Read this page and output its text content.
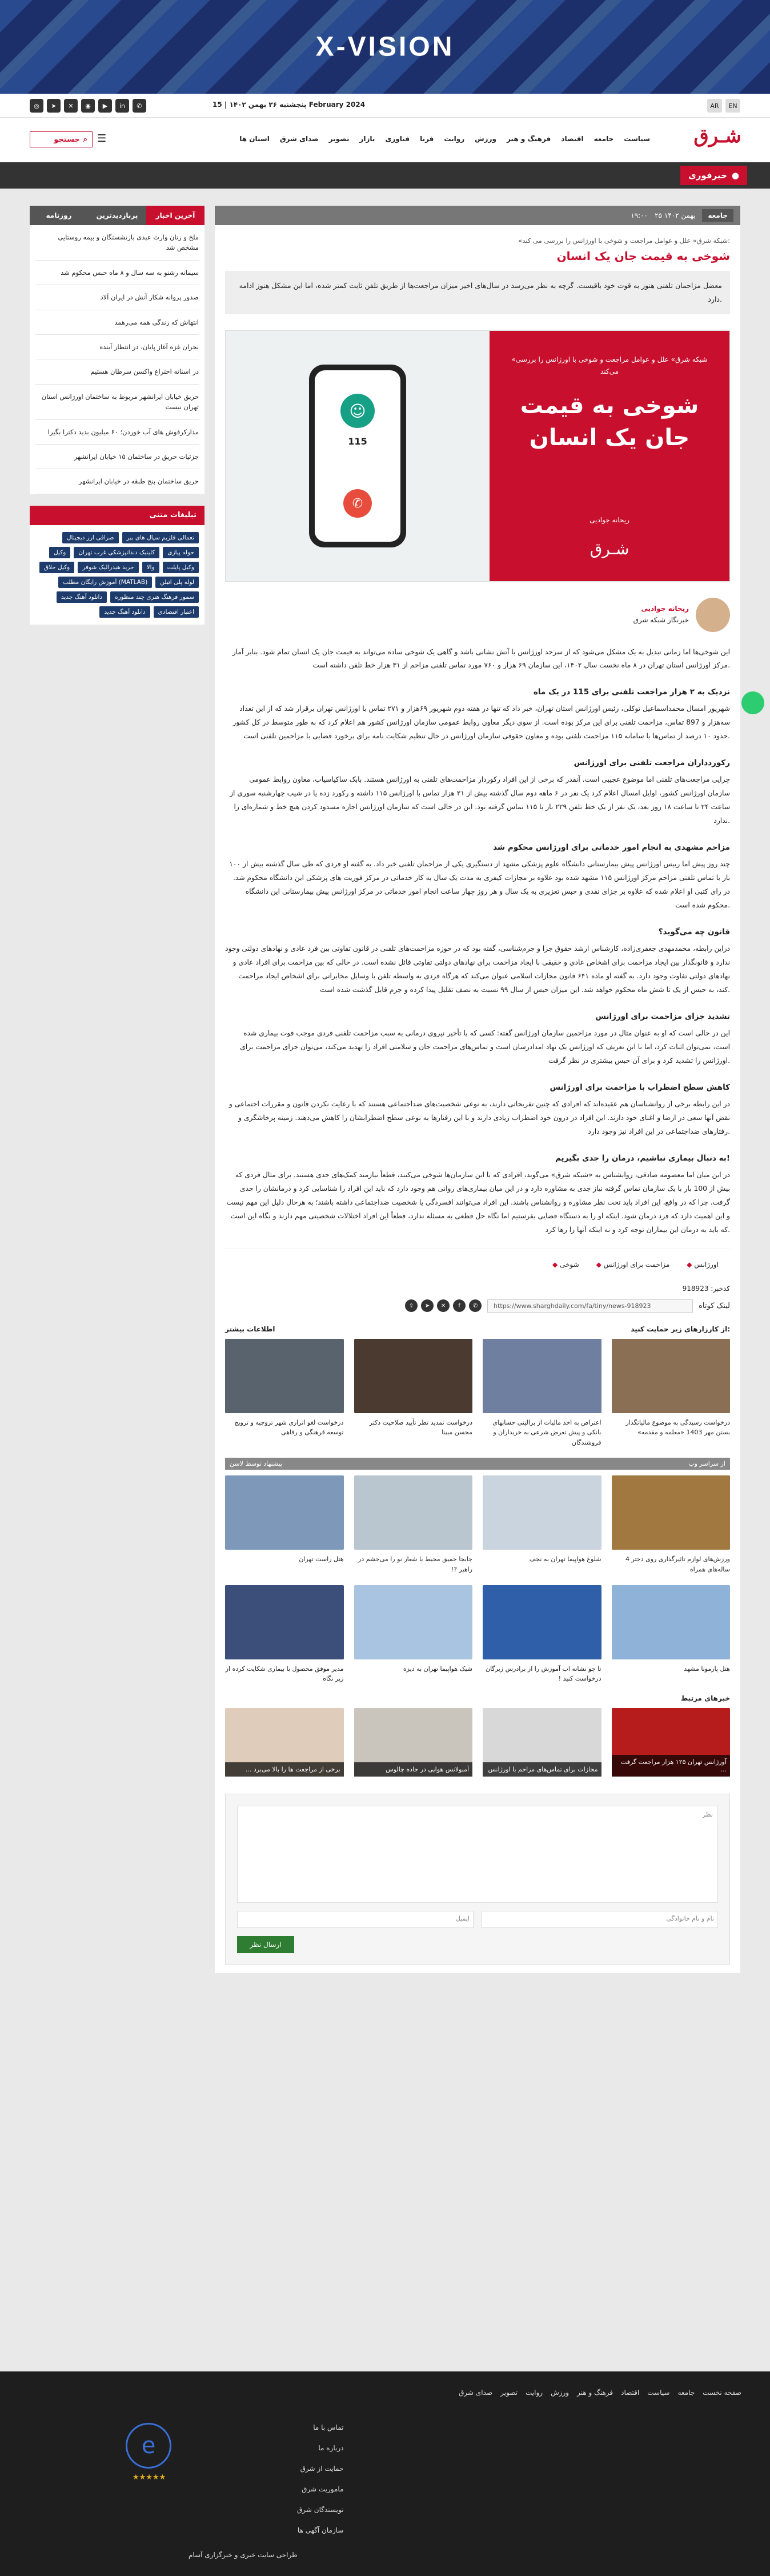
X-VISION
◎	➤	✕	◉	▶	in	✆	پنجشنبه ۲۶ بهمن ۱۴۰۲ | 15 February 2024	AR	EN
شـرق
سیاست
جامعه
اقتصاد
فرهنگ و هنر
ورزش
روایت
فرنا
فناوری
بازار
تصویر
صدای شرق
استان ها
☰
جستجو ⌕
خبرفوری ●
آخرین اخبار
پربازدیدترین
روزنامه

ملخ و زنان وارث عبدی بازنشستگان و بیمه روستایی مشخص شد

سیمانه رشنو به سه سال و ۸ ماه حبس محکوم شد

صدور پروانه شکار آنش در ایران آلاد

انتهاش که زندگی همه می‌رهمد

بحران غزه آغاز پایان، در انتظار آینده

در اسنانه احتراع واکسن سرطان هستیم

حریق خیابان ایرانشهر مربوط به ساختمان اورژانس استان تهران نیست

مدارکرفوش های آب خوردن؛ ۶۰ میلیون بدید دکترا بگیرا

جزئیات حریق در ساختمان ۱۵ خیابان ایرانشهر

حریق ساختمان پنج طبقه در خیابان ایرانشهر

تبلیغات متنی
تعمالی فلزیم سیال های ببر
صرافی ارز دیجیتال
حوله پیازی
کلینیک دندانپزشکی غرب تهران
وکیل
وکیل پایلت
والا
خرید هیدرالیک شوفر
وکیل خلاق
لوله پلی اتیلن
آموزش رایگان مطلب (MATLAB)
سمور فرهنگ هنری چند منظوره
دانلود آهنگ جدید
اعتبار اقتصادی
دانلود آهنگ جدید
جامعه
۲۵ بهمن ۱۴۰۲
۱۹:۰۰
«شبکه شرق» علل و عوامل مراجعت و شوخی با اورژانس را بررسی می کند:
شوخی به قیمت جان یک انسان
معضل مزاحمان تلفنی هنوز به قوت خود باقیست. گرچه به نظر می‌رسد در سال‌های اخیر میزان مراجعت‌ها از طریق تلفن ثابت کمتر شده، اما این مشکل هنوز ادامه دارد.
«شبکه شرق» علل و عوامل مراجعت و شوخی با اورژانس را بررسی می‌کند
شوخی به قیمت جان یک انسان
ریحانه جوادیی
شـرق
☺
115
✆
ریحانه جوادیی
خبرنگار شبکه شرق

این شوخی‌ها اما زمانی تبدیل به یک مشکل می‌شود که از سرحد اورژانس با آتش نشانی باشد و گاهی یک شوخی ساده می‌تواند به قیمت جان یک انسان تمام شود. بنابر آمار مرکز اورژانس استان تهران در ۸ ماه نخست سال ۱۴۰۲، این سازمان ۶۹ هزار و ۷۶۰ مورد تماس تلفنی مزاحم از ۳۱ هزار خط تلفن داشته است.

نزدیک به ۲ هزار مراجعت تلفنی برای 115 در یک ماه

شهریور امسال محمداسماعیل توکلی، رئیس اورژانس استان تهران، خبر داد که تنها در هفته دوم شهریور ۶۹هزار و ۲۷۱ تماس با اورژانس تهران برقرار شد که از این تعداد سه‌هزار و 897 تماس، مزاحمت تلفنی برای این مرکز بوده است. از سوی دیگر معاون روابط عمومی سازمان اورژانس کشور هم اعلام کرد که به طور متوسط در کل کشور حدود ۱۰ درصد از تماس‌ها با سامانه ۱۱۵ مزاحمت تلفنی بوده و معاون حقوقی سازمان اورژانس در حال تنظیم شکایت نامه برای برخورد قضایی با مزاحمین تلفنی است.

رکوردداران مراجعت تلفنی برای اورژانس

چرایی مراجعت‌های تلفنی اما موضوع عجیبی است. آنقدر که برخی از این افراد رکوردار مزاحمت‌های تلفنی به اورژانس هستند. بابک ساکیاسیاب، معاون روابط عمومی سازمان اورژانس کشور، اوایل امسال اعلام کرد یک نفر در ۶ ماهه دوم سال گذشته بیش از ۲۱ هزار تماس با اورژانس ۱۱۵ داشته و رکورد زده یا در شیب چهارشنبه سوری از ساعت ۲۴ تا ساعت ۱۸ روز بعد، یک نفر از یک خط تلفن ۲۲۹ بار با ۱۱۵ تماس گرفته بود. این در حالی است که سازمان اورژانس اجازه مسدود کردن هیچ خط و شماره‌ای را ندارد.

مزاحم مشهدی به انجام امور خدماتی برای اورژانس محکوم شد

چند روز پیش اما رییس اورژانس پیش بیمارستانی دانشگاه علوم پزشکی مشهد از دستگیری یکی از مزاحمان تلفنی خبر داد. به گفته او فردی که طی سال گذشته بیش از ۱۰۰ بار با تماس تلفنی مزاحم مرکز اورژانس ۱۱۵ مشهد شده بود علاوه بر مجازات کیفری به مدت یک سال به کار خدماتی در مرکز فوریت های پزشکی این دانشگاه محکوم شد. در رای کتبی او اعلام شده که علاوه بر جزای نقدی و حبس تعزیری به یک سال و هر روز چهار ساعت انجام امور خدماتی در مرکز اورژانس پیش بیمارستانی این دانشگاه محکوم شده است.

قانون چه می‌گوید؟

دراین رابطه، محمدمهدی جعفری‌زاده، کارشناس ارشد حقوق جزا و جرم‌شناسی، گفته بود که در حوزه مزاحمت‌های تلفنی در قانون تفاوتی بین فرد عادی و نهادهای دولتی وجود ندارد و قانونگذار بین ایجاد مزاحمت برای اشخاص عادی و حقیقی با ایجاد مزاحمت برای نهادهای دولتی تفاوتی قائل نشده است. در حالی که بین مزاحمت برای افراد عادی و نهادهای دولتی تفاوت وجود دارد. به گفته او ماده ۶۴۱ قانون مجازات اسلامی عنوان می‌کند که هرگاه فردی به واسطه تلفن یا وسایل مخابراتی برای اشخاص ایجاد مزاحمت کند، به حبس از یک تا شش ماه محکوم خواهد شد. این میزان حبس از سال ۹۹ نسبت به نصف تقلیل پیدا کرده و جرم قابل گذشت شده است.

تشدید جزای مزاحمت برای اورژانس

این در حالی است که او به عنوان مثال در مورد مزاحمین سازمان اورژانس گفته: کسی که با تأخیر نیروی درمانی به سبب مزاحمت تلفنی فردی موجب فوت بیماری شده است، نمی‌توان اثبات کرد، اما با این تعریف که اورژانس یک نهاد امدادرسان است و تماس‌های مزاحمت جان و سلامتی افراد را تهدید می‌کند، می‌توان جزای مزاحمت برای اورژانس را تشدید کرد و برای آن حبس بیشتری در نظر گرفت.

کاهش سطح اضطراب با مزاحمت برای اورژانس

در این رابطه برخی از روانشناسان هم عقیده‌اند که افرادی که چنین تفریحاتی دارند، به نوعی شخصیت‌های ضداجتماعی هستند که با رعایت نکردن قانون و مقررات اجتماعی و نقض آنها سعی در ارضا و اغنای خود دارند. این افراد در درون خود اضطراب زیادی دارند و با این رفتارها به نوعی سطح اضطرابشان را کاهش می‌دهند. زمینه پرخاشگری و رفتارهای ضداجتماعی در این افراد نیز وجود دارد.

به دنبال بیماری نباشیم، درمان را جدی بگیریم!

در این میان اما معصومه صادقی، روانشناس به «شبکه شرق» می‌گوید، افرادی که با این سازمان‌ها شوخی می‌کنند، قطعاً نیازمند کمک‌های جدی هستند. برای مثال فردی که بیش از 100 بار با یک سازمان تماس گرفته نیاز جدی به مشاوره دارد و در این میان بیماری‌های روانی هم وجود دارد که باید این افراد را شناسایی کرد و درمانشان را جدی گرفت. چرا که در واقع، این افراد باید تحت نظر مشاوره و روانشناس باشند. این افراد می‌توانند افسردگی یا شخصیت ضداجتماعی داشته باشند؛ به هرحال دلیل این مهم نیست و این اهمیت دارد که فرد درمان شود. اینکه او را به دستگاه قضایی بفرستیم اما نگاه حل قطعی به مسئله ندارد، قطعاً این افراد اختلالات شخصیتی مهم دارند و نگاه این است که باید به درمان این بیماران توجه کرد و نه اینکه آنها را رها کرد.

◆ اورژانس
◆ مزاحمت برای اورژانس
◆ شوخی
کدخبر: 918923
لینک کوتاه
https://www.sharghdaily.com/fa/tiny/news-918923
⇪	➤	✕	f	✆
از کارزارهای زیر حمایت کنید:
اطلاعات بیشتر

درخواست رسیدگی به موضوع مالیاتگذار بستن مهر 1403 «معلمه و مقدمه»

اعتراض به اخذ مالیات از برالینی حسابهای بانکی و پیش تعرض شرعی به خریداران و فروشندگان

درخواست تمدید نظر تأیید صلاحیت دکتر محسن مبینا

درخواست لغو انزاری شهر تروجیه و ترویج توسعه فرهنگی و رفاهی

از سراسر وب
پیشنهاد توسط لاسن

ورزش‌های لوازم تاثیرگذاری روی دختر 4 ساله‌های همراه

شلوغ هواپیما تهران به نجف

جابجا حمیق محیط با شعار نو را می‌جشم در راهبر ?!

هتل راست تهران

هتل پارمونا مشهد

تا چو نشانه اب آموزش را از برادرس زبرگان درخواست کنید !

شیک هواپیما تهران به دیزه

مدیر موفق محصول با بیماری شکایت کرده از زیر نگاه

خبرهای مرتبط
آورژانس تهران ۱۲۵ هزار مراجعت گرفت ...
مجازات برای تماس‌های مزاحم با اورژانس
آمبولانس هوایی در جاده چالوس
برخی از مراجعت ها را بالا می‌برد ...
نظر
نام و نام خانوادگی
ایمیل
ارسال نظر
صفحه نخست
جامعه
سیاست
اقتصاد
فرهنگ و هنر
ورزش
روایت
تصویر
صدای شرق
تماس با ما
درباره ما
حمایت از شرق
ماموریت شرق
نویسندگان شرق
سازمان آگهی ها
e
★★★★★
طراحی سایت خبری و خبرگزاری آسام
